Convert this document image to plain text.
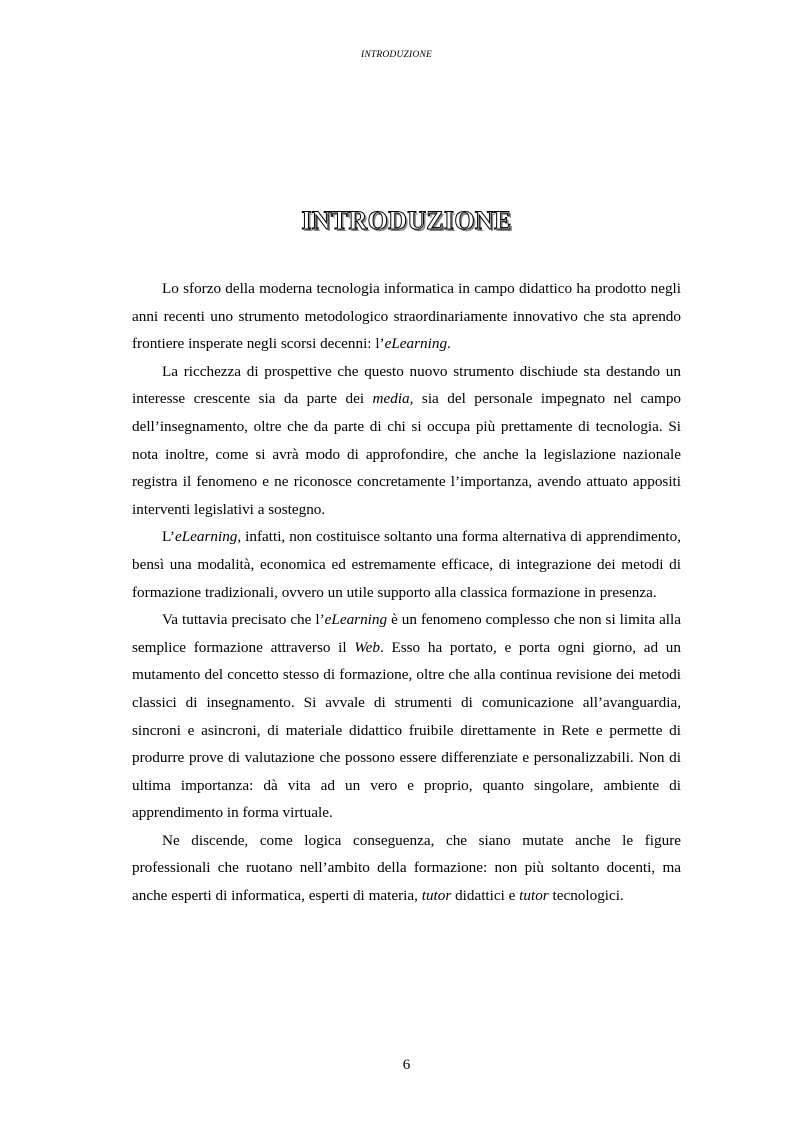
INTRODUZIONE
INTRODUZIONE

Lo sforzo della moderna tecnologia informatica in campo didattico ha prodotto negli anni recenti uno strumento metodologico straordinariamente innovativo che sta aprendo frontiere insperate negli scorsi decenni: l’eLearning.

La ricchezza di prospettive che questo nuovo strumento dischiude sta destando un interesse crescente sia da parte dei media, sia del personale impegnato nel campo dell’insegnamento, oltre che da parte di chi si occupa più prettamente di tecnologia. Si nota inoltre, come si avrà modo di approfondire, che anche la legislazione nazionale registra il fenomeno e ne riconosce concretamente l’importanza, avendo attuato appositi interventi legislativi a sostegno.

L’eLearning, infatti, non costituisce soltanto una forma alternativa di apprendimento, bensì una modalità, economica ed estremamente efficace, di integrazione dei metodi di formazione tradizionali, ovvero un utile supporto alla classica formazione in presenza.

Va tuttavia precisato che l’eLearning è un fenomeno complesso che non si limita alla semplice formazione attraverso il Web. Esso ha portato, e porta ogni giorno, ad un mutamento del concetto stesso di formazione, oltre che alla continua revisione dei metodi classici di insegnamento. Si avvale di strumenti di comunicazione all’avanguardia, sincroni e asincroni, di materiale didattico fruibile direttamente in Rete e permette di produrre prove di valutazione che possono essere differenziate e personalizzabili. Non di ultima importanza: dà vita ad un vero e proprio, quanto singolare, ambiente di apprendimento in forma virtuale.

Ne discende, come logica conseguenza, che siano mutate anche le figure professionali che ruotano nell’ambito della formazione: non più soltanto docenti, ma anche esperti di informatica, esperti di materia, tutor didattici e tutor tecnologici.

6
